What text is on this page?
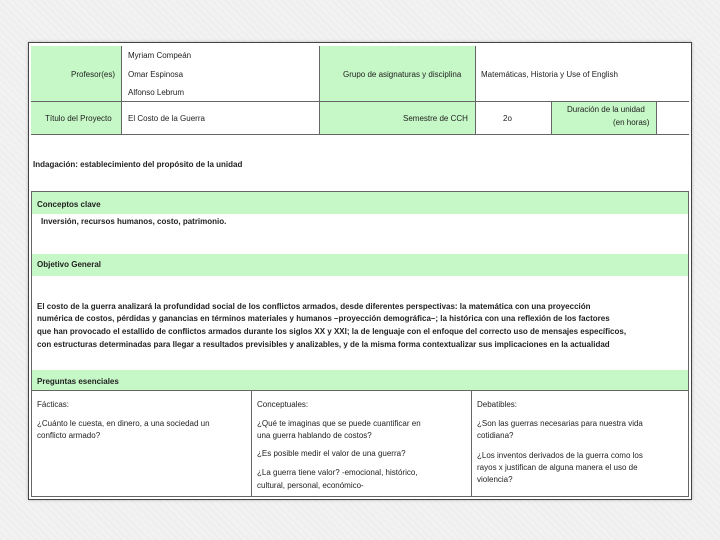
Profesor(es)
Myriam Compeán
Omar Espinosa
Alfonso Lebrum
Grupo de asignaturas y disciplina Matemáticas, Historia y Use of English
Título del Proyecto El Costo de la Guerra	Semestre de CCH	2o
Duración de la unidad
(en horas)
Indagación: establecimiento del propósito de la unidad
Conceptos clave
Inversión, recursos humanos, costo, patrimonio.
Objetivo General
El costo de la guerra analizará la profundidad social de los conflictos armados, desde diferentes perspectivas: la matemática con una proyección
numérica de costos, pérdidas y ganancias en términos materiales y humanos –proyección demográfica–; la histórica con una reflexión de los factores
que han provocado el estallido de conflictos armados durante los siglos XX y XXI; la de lenguaje con el enfoque del correcto uso de mensajes específicos,
con estructuras determinadas para llegar a resultados previsibles y analizables, y de la misma forma contextualizar sus implicaciones en la actualidad
Preguntas esenciales
Fácticas:
¿Cuánto le cuesta, en dinero, a una sociedad un
conflicto armado?
Conceptuales:
¿Qué te imaginas que se puede cuantificar en
una guerra hablando de costos?
¿Es posible medir el valor de una guerra?
¿La guerra tiene valor? -emocional, histórico,
cultural, personal, económico-
Debatibles:
¿Son las guerras necesarias para nuestra vida
cotidiana?
¿Los inventos derivados de la guerra como los
rayos x justifican de alguna manera el uso de
violencia?
